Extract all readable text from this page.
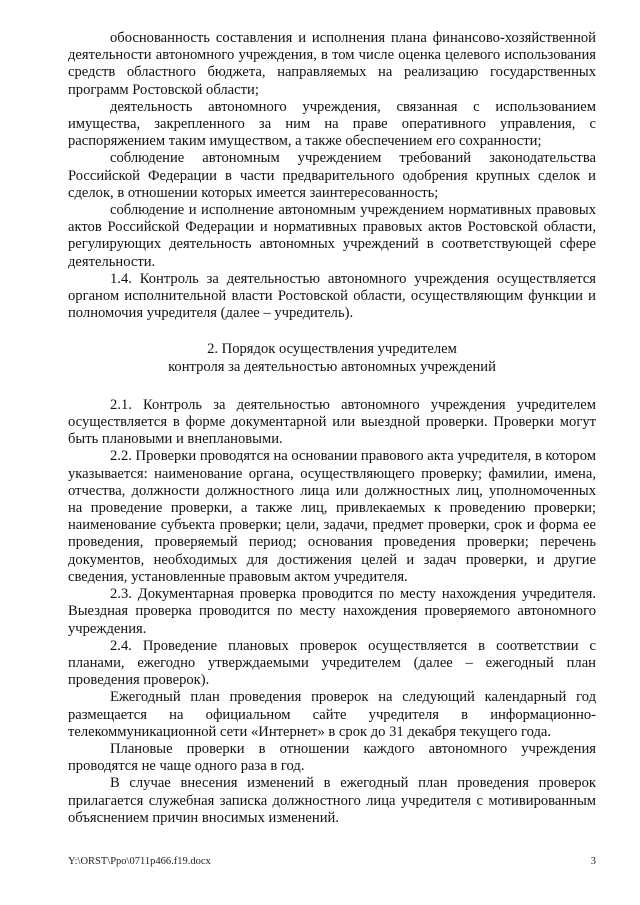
обоснованность составления и исполнения плана финансово-хозяйственной деятельности автономного учреждения, в том числе оценка целевого использования средств областного бюджета, направляемых на реализацию государственных программ Ростовской области;

деятельность автономного учреждения, связанная с использованием имущества, закрепленного за ним на праве оперативного управления, с распоряжением таким имуществом, а также обеспечением его сохранности;

соблюдение автономным учреждением требований законодательства Российской Федерации в части предварительного одобрения крупных сделок и сделок, в отношении которых имеется заинтересованность;

соблюдение и исполнение автономным учреждением нормативных правовых актов Российской Федерации и нормативных правовых актов Ростовской области, регулирующих деятельность автономных учреждений в соответствующей сфере деятельности.

1.4. Контроль за деятельностью автономного учреждения осуществляется органом исполнительной власти Ростовской области, осуществляющим функции и полномочия учредителя (далее – учредитель).

2. Порядок осуществления учредителем
контроля за деятельностью автономных учреждений

2.1. Контроль за деятельностью автономного учреждения учредителем осуществляется в форме документарной или выездной проверки. Проверки могут быть плановыми и внеплановыми.

2.2. Проверки проводятся на основании правового акта учредителя, в котором указывается: наименование органа, осуществляющего проверку; фамилии, имена, отчества, должности должностного лица или должностных лиц, уполномоченных на проведение проверки, а также лиц, привлекаемых к проведению проверки; наименование субъекта проверки; цели, задачи, предмет проверки, срок и форма ее проведения, проверяемый период; основания проведения проверки; перечень документов, необходимых для достижения целей и задач проверки, и другие сведения, установленные правовым актом учредителя.

2.3. Документарная проверка проводится по месту нахождения учредителя. Выездная проверка проводится по месту нахождения проверяемого автономного учреждения.

2.4. Проведение плановых проверок осуществляется в соответствии с планами, ежегодно утверждаемыми учредителем (далее – ежегодный план проведения проверок).

Ежегодный план проведения проверок на следующий календарный год размещается на официальном сайте учредителя в информационно-телекоммуникационной сети «Интернет» в срок до 31 декабря текущего года.

Плановые проверки в отношении каждого автономного учреждения проводятся не чаще одного раза в год.

В случае внесения изменений в ежегодный план проведения проверок прилагается служебная записка должностного лица учредителя с мотивированным объяснением причин вносимых изменений.

Y:\ORST\Ppo\0711p466.f19.docx	3
